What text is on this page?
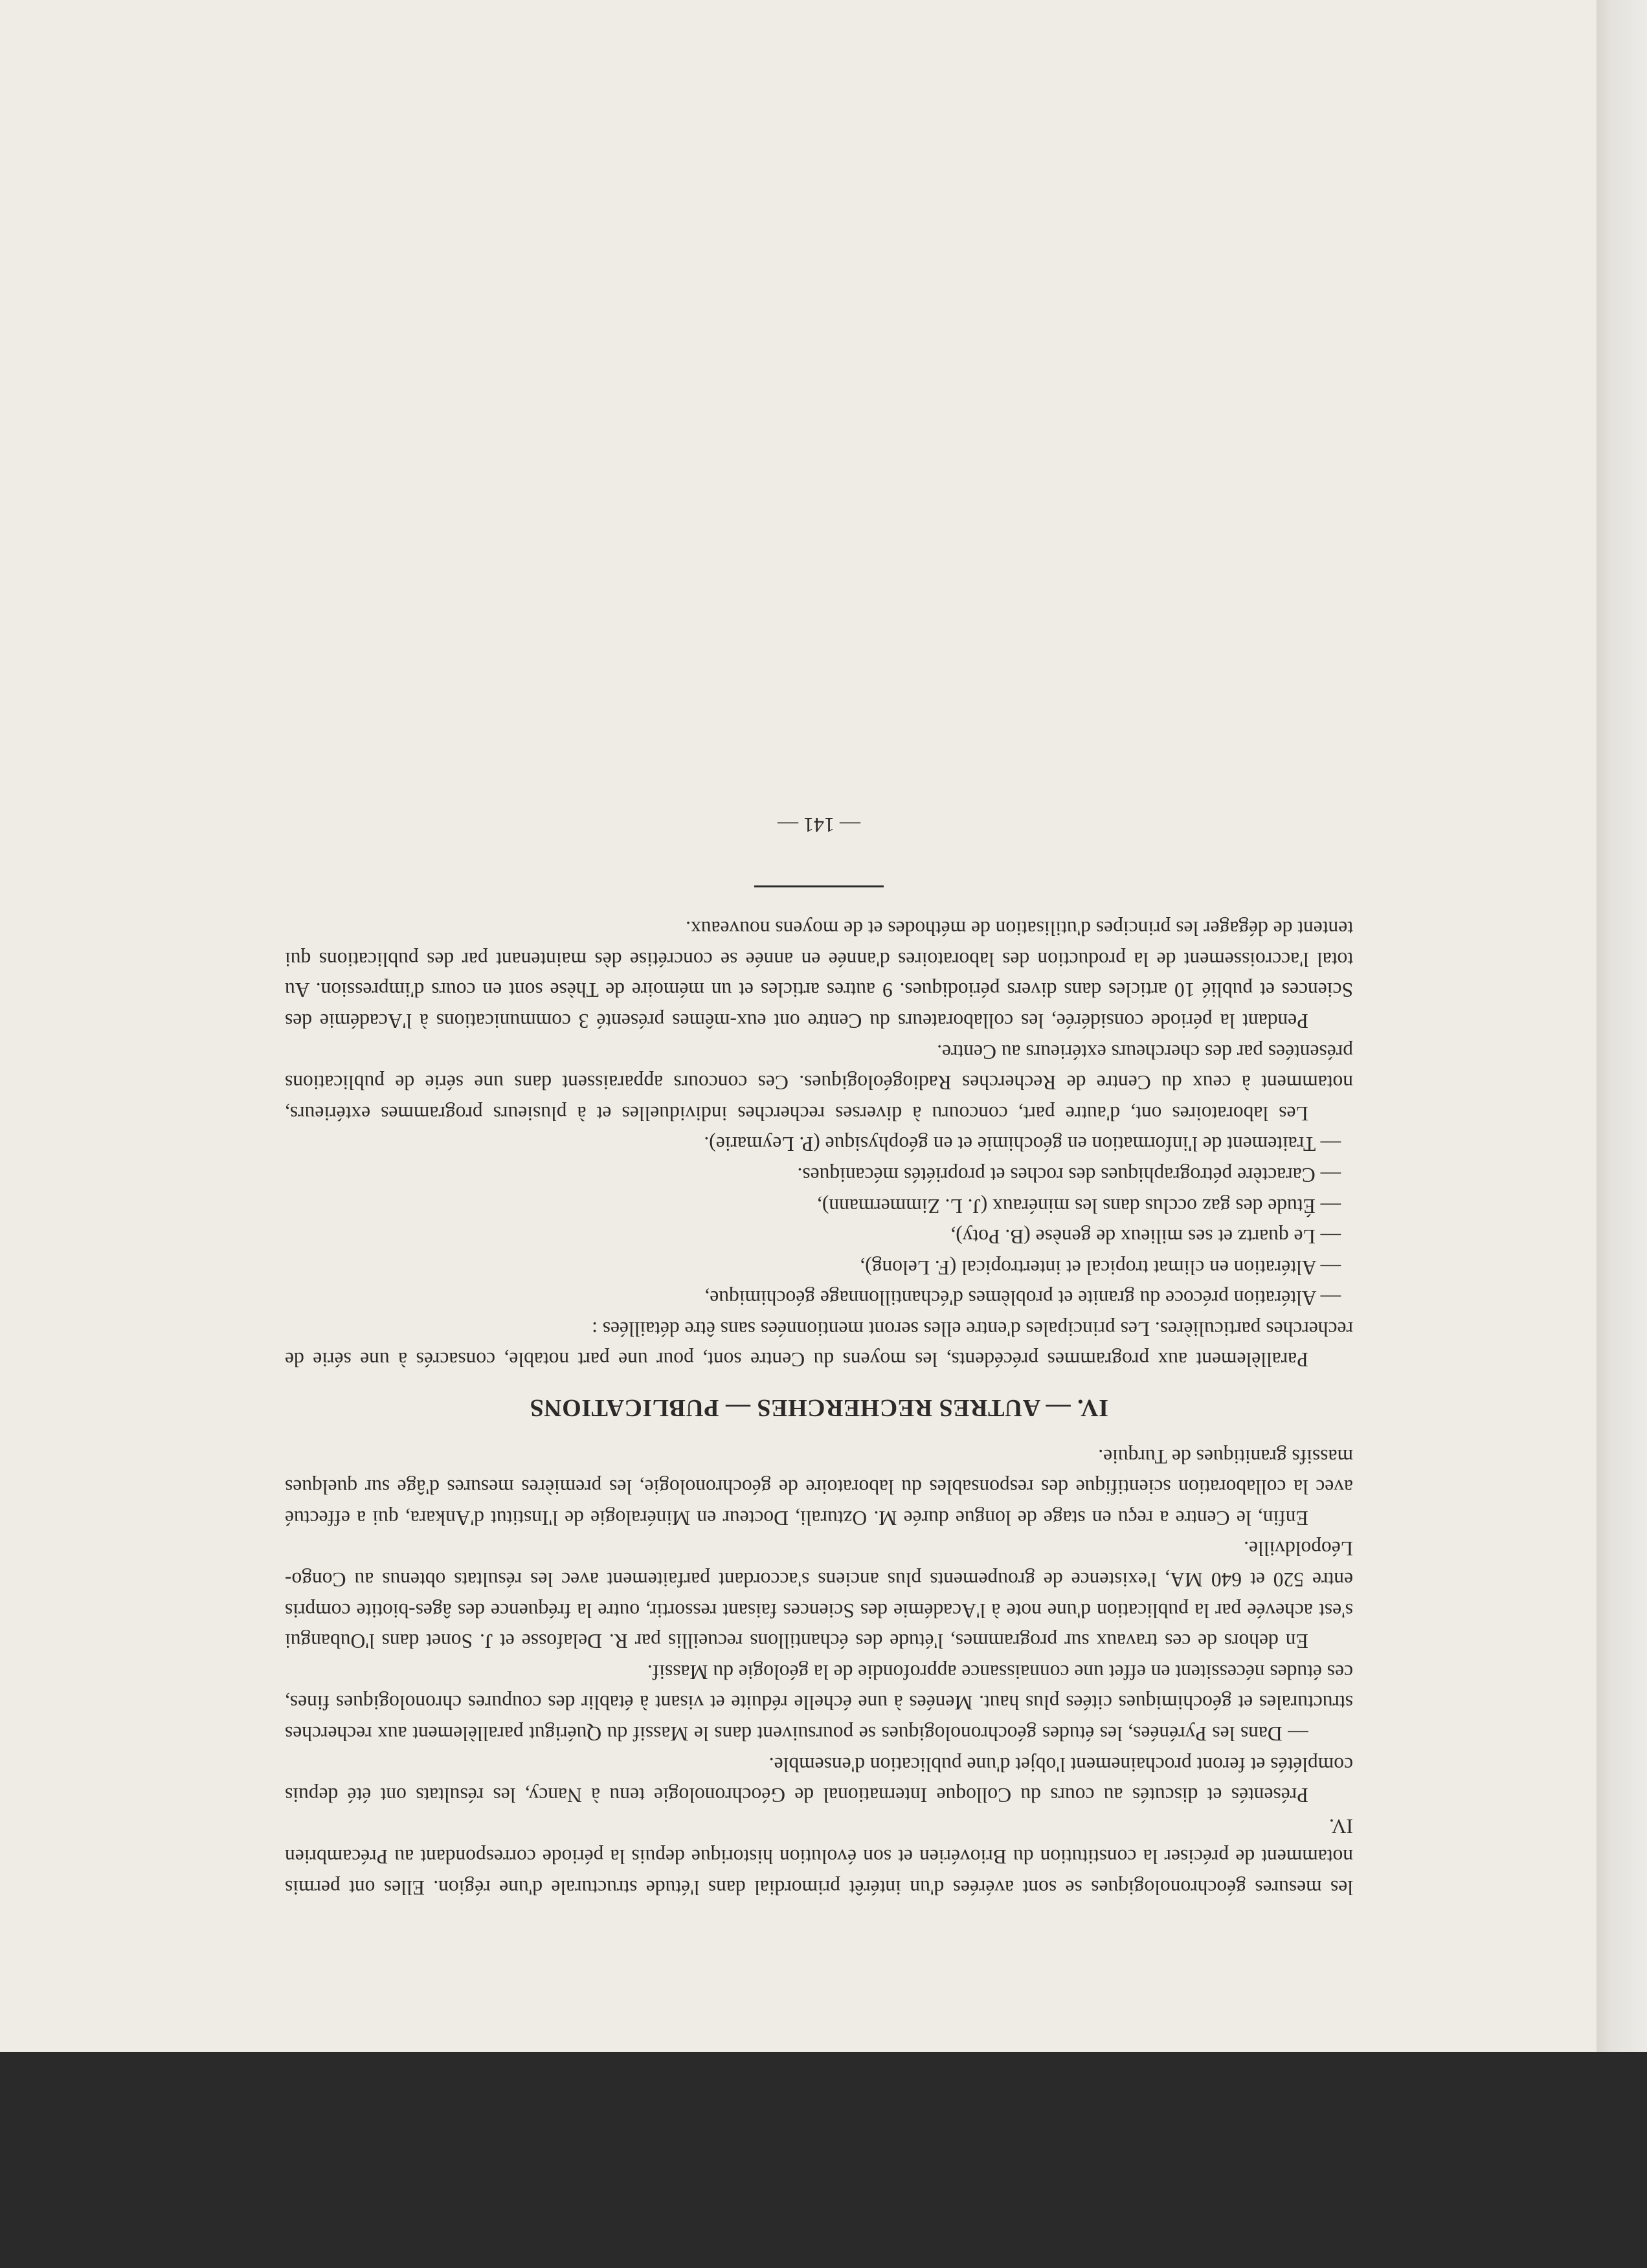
les mesures géochronologiques se sont avérées d'un intérêt primordial dans l'étude structurale d'une région. Elles ont permis notamment de préciser la constitution du Briovérien et son évolution historique depuis la période correspondant au Précambrien IV.

Présentés et discutés au cours du Colloque International de Géochronologie tenu à Nancy, les résultats ont été depuis complétés et feront prochainement l'objet d'une publication d'ensemble.

— Dans les Pyrénées, les études géochronologiques se poursuivent dans le Massif du Quérigut parallèlement aux recherches structurales et géochimiques citées plus haut. Menées à une échelle réduite et visant à établir des coupures chronologiques fines, ces études nécessitent en effet une connaissance approfondie de la géologie du Massif.

En dehors de ces travaux sur programmes, l'étude des échantillons recueillis par R. Delafosse et J. Sonet dans l'Oubangui s'est achevée par la publication d'une note à l'Académie des Sciences faisant ressortir, outre la fréquence des âges-biotite compris entre 520 et 640 MA, l'existence de groupements plus anciens s'accordant parfaitement avec les résultats obtenus au Congo-Léopoldville.

Enfin, le Centre a reçu en stage de longue durée M. Ozturali, Docteur en Minéralogie de l'Institut d'Ankara, qui a effectué avec la collaboration scientifique des responsables du laboratoire de géochronologie, les premières mesures d'âge sur quelques massifs granitiques de Turquie.

IV. — AUTRES RECHERCHES — PUBLICATIONS

Parallèlement aux programmes précédents, les moyens du Centre sont, pour une part notable, consacrés à une série de recherches particulières. Les principales d'entre elles seront mentionnées sans être détaillées :

— Altération précoce du granite et problèmes d'échantillonnage géochimique,
— Altération en climat tropical et intertropical (F. Lelong),
— Le quartz et ses milieux de genèse (B. Poty),
— Étude des gaz occlus dans les minéraux (J. L. Zimmermann),
— Caractère pétrographiques des roches et propriétés mécaniques.
— Traitement de l'information en géochimie et en géophysique (P. Leymarie).

Les laboratoires ont, d'autre part, concouru à diverses recherches individuelles et à plusieurs programmes extérieurs, notamment à ceux du Centre de Recherches Radiogéologiques. Ces concours apparaissent dans une série de publications présentées par des chercheurs extérieurs au Centre.

Pendant la période considérée, les collaborateurs du Centre ont eux-mêmes présenté 3 communications à l'Académie des Sciences et publié 10 articles dans divers périodiques. 9 autres articles et un mémoire de Thèse sont en cours d'impression. Au total l'accroissement de la production des laboratoires d'année en année se concrétise dès maintenant par des publications qui tentent de dégager les principes d'utilisation de méthodes et de moyens nouveaux.

— 141 —
